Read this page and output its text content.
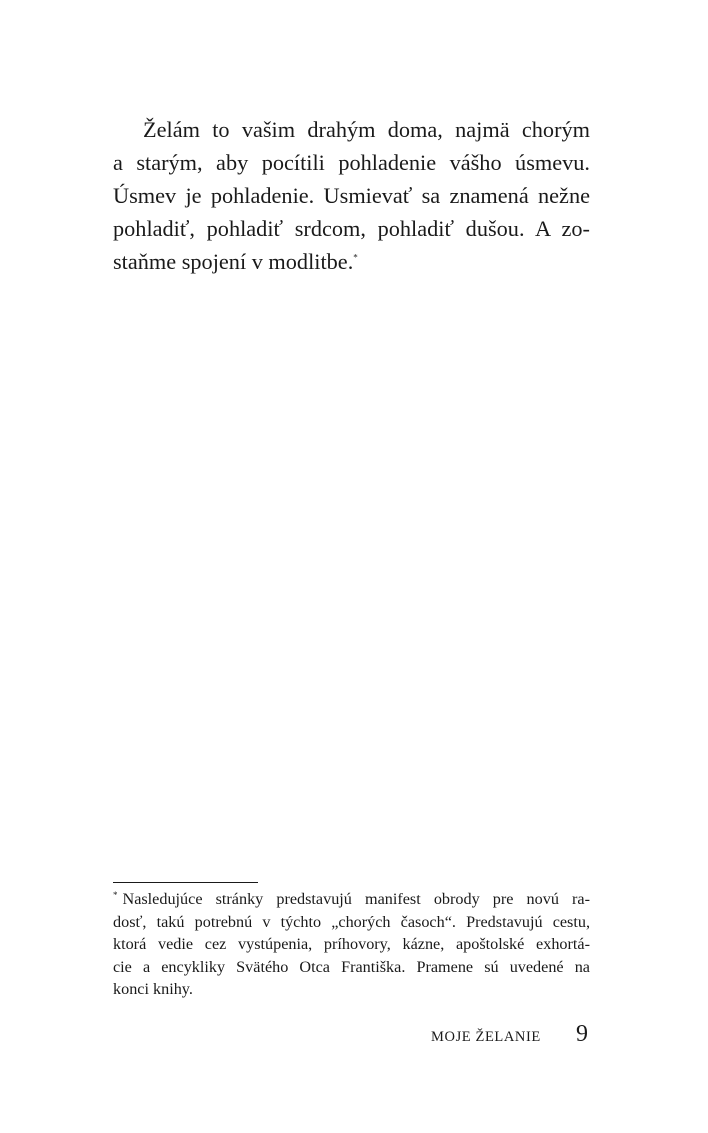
Želám to vašim drahým doma, najmä chorým
a starým, aby pocítili pohladenie vášho úsmevu.
Úsmev je pohladenie. Usmievať sa znamená nežne
pohladiť, pohladiť srdcom, pohladiť dušou. A zo-
staňme spojení v modlitbe.*

* Nasledujúce stránky predstavujú manifest obrody pre novú ra-
dosť, takú potrebnú v týchto „chorých časoch“. Predstavujú cestu,
ktorá vedie cez vystúpenia, príhovory, kázne, apoštolské exhortá-
cie a encykliky Svätého Otca Františka. Pramene sú uvedené na
konci knihy.

MOJE ŽELANIE 9
